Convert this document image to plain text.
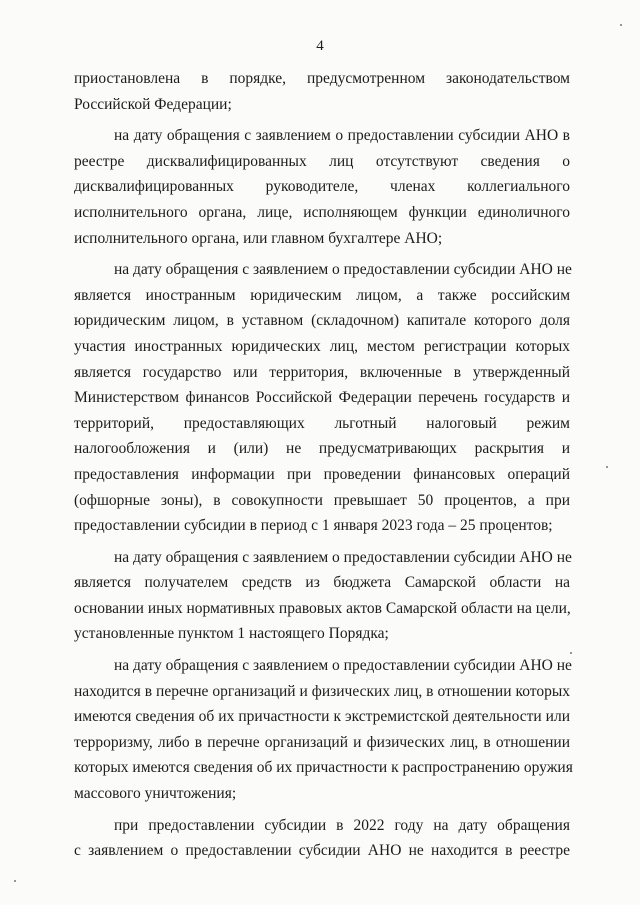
4

приостановлена в порядке, предусмотренном законодательством
Российской Федерации;

на дату обращения с заявлением о предоставлении субсидии АНО в
реестре дисквалифицированных лиц отсутствуют сведения о
дисквалифицированных руководителе, членах коллегиального
исполнительного органа, лице, исполняющем функции единоличного
исполнительного органа, или главном бухгалтере АНО;

на дату обращения с заявлением о предоставлении субсидии АНО не
является иностранным юридическим лицом, а также российским
юридическим лицом, в уставном (складочном) капитале которого доля
участия иностранных юридических лиц, местом регистрации которых
является государство или территория, включенные в утвержденный
Министерством финансов Российской Федерации перечень государств и
территорий, предоставляющих льготный налоговый режим
налогообложения и (или) не предусматривающих раскрытия и
предоставления информации при проведении финансовых операций
(офшорные зоны), в совокупности превышает 50 процентов, а при
предоставлении субсидии в период с 1 января 2023 года – 25 процентов;

на дату обращения с заявлением о предоставлении субсидии АНО не
является получателем средств из бюджета Самарской области на
основании иных нормативных правовых актов Самарской области на цели,
установленные пунктом 1 настоящего Порядка;

на дату обращения с заявлением о предоставлении субсидии АНО не
находится в перечне организаций и физических лиц, в отношении которых
имеются сведения об их причастности к экстремистской деятельности или
терроризму, либо в перечне организаций и физических лиц, в отношении
которых имеются сведения об их причастности к распространению оружия
массового уничтожения;

при предоставлении субсидии в 2022 году на дату обращения
с заявлением о предоставлении субсидии АНО не находится в реестре
